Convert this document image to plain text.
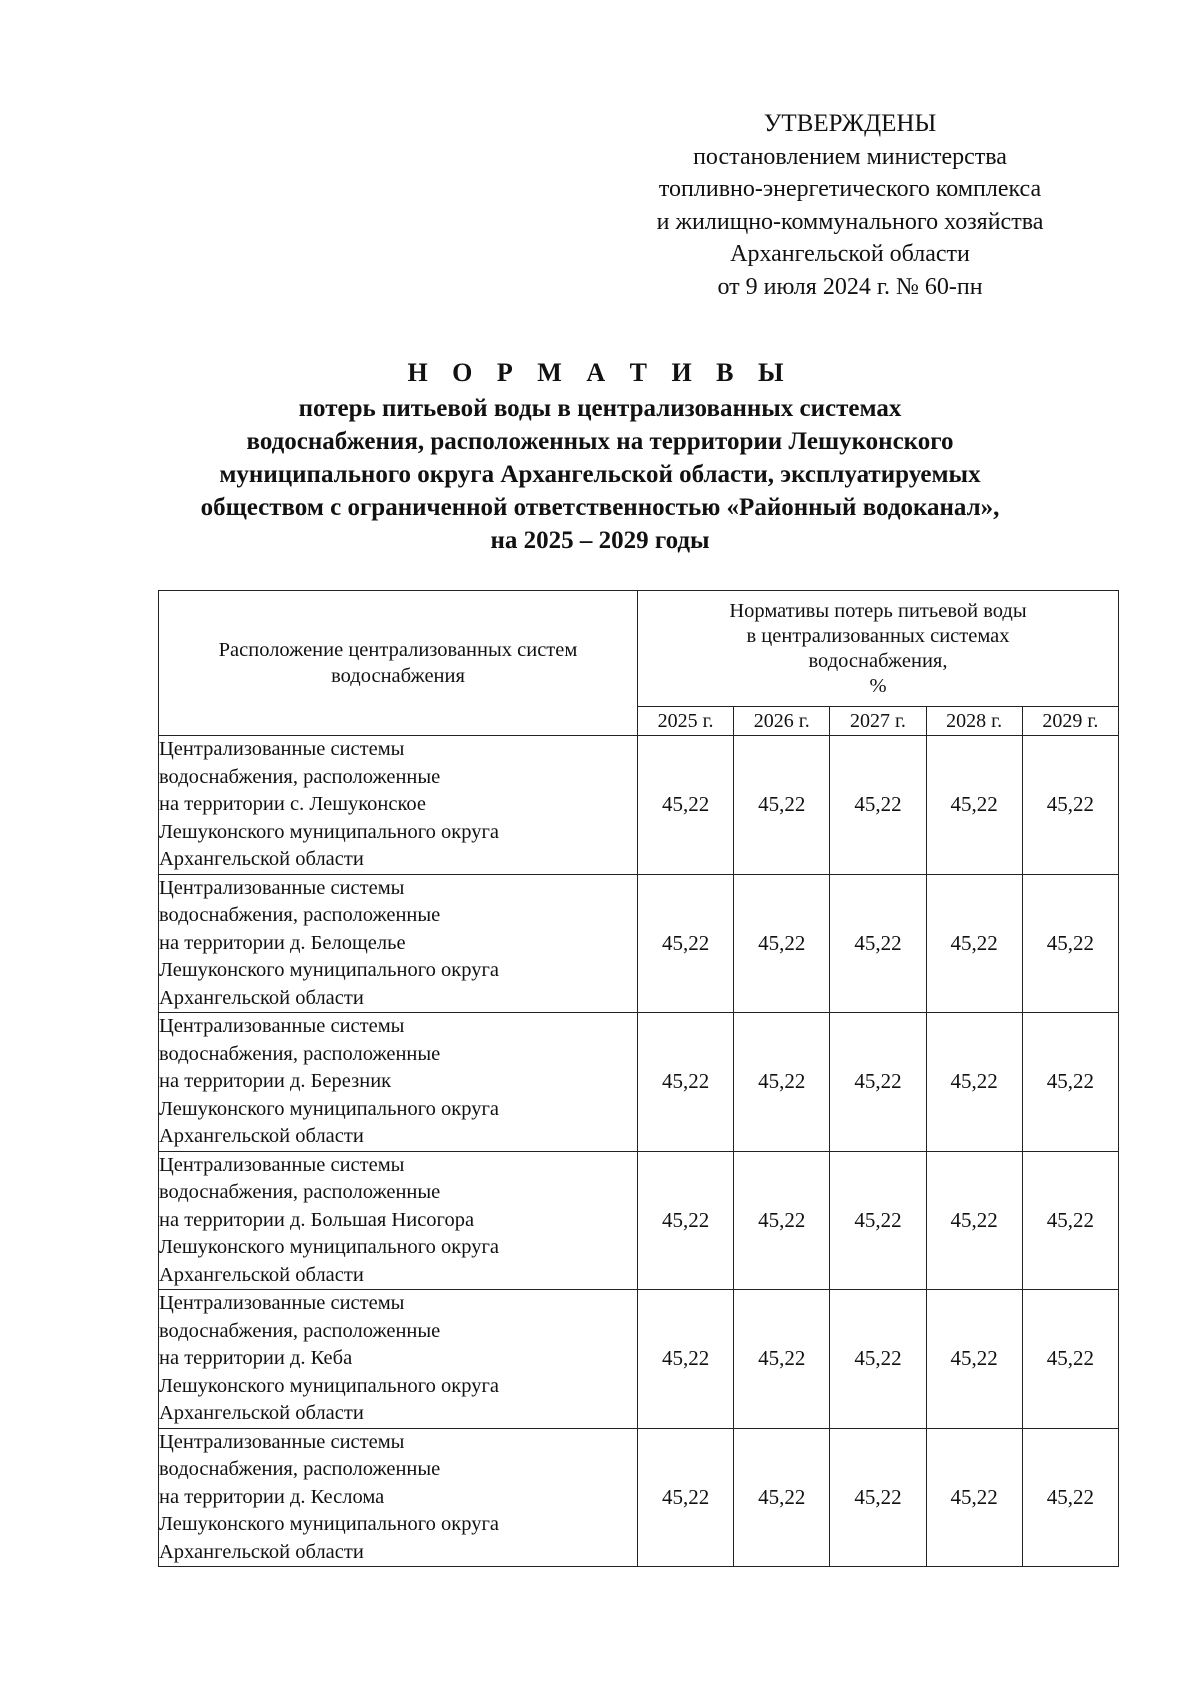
УТВЕРЖДЕНЫ
постановлением министерства
топливно-энергетического комплекса
и жилищно-коммунального хозяйства
Архангельской области
от 9 июля 2024 г. № 60-пн
Н О Р М А Т И В Ы
потерь питьевой воды в централизованных системах
водоснабжения, расположенных на территории Лешуконского
муниципального округа Архангельской области, эксплуатируемых
обществом с ограниченной ответственностью «Районный водоканал»,
на 2025 – 2029 годы
Расположение централизованных систем водоснабжения	Нормативы потерь питьевой воды
в централизованных системах
водоснабжения,
%				

	2025 г.	2026 г.	2027 г.	2028 г.	2029 г.

Централизованные системы
водоснабжения, расположенные
на территории с. Лешуконское
Лешуконского муниципального округа
Архангельской области	45,22	45,22	45,22	45,22	45,22

Централизованные системы
водоснабжения, расположенные
на территории д. Белощелье
Лешуконского муниципального округа
Архангельской области	45,22	45,22	45,22	45,22	45,22

Централизованные системы
водоснабжения, расположенные
на территории д. Березник
Лешуконского муниципального округа
Архангельской области	45,22	45,22	45,22	45,22	45,22

Централизованные системы
водоснабжения, расположенные
на территории д. Большая Нисогора
Лешуконского муниципального округа
Архангельской области	45,22	45,22	45,22	45,22	45,22

Централизованные системы
водоснабжения, расположенные
на территории д. Кеба
Лешуконского муниципального округа
Архангельской области	45,22	45,22	45,22	45,22	45,22

Централизованные системы
водоснабжения, расположенные
на территории д. Кеслома
Лешуконского муниципального округа
Архангельской области	45,22	45,22	45,22	45,22	45,22
